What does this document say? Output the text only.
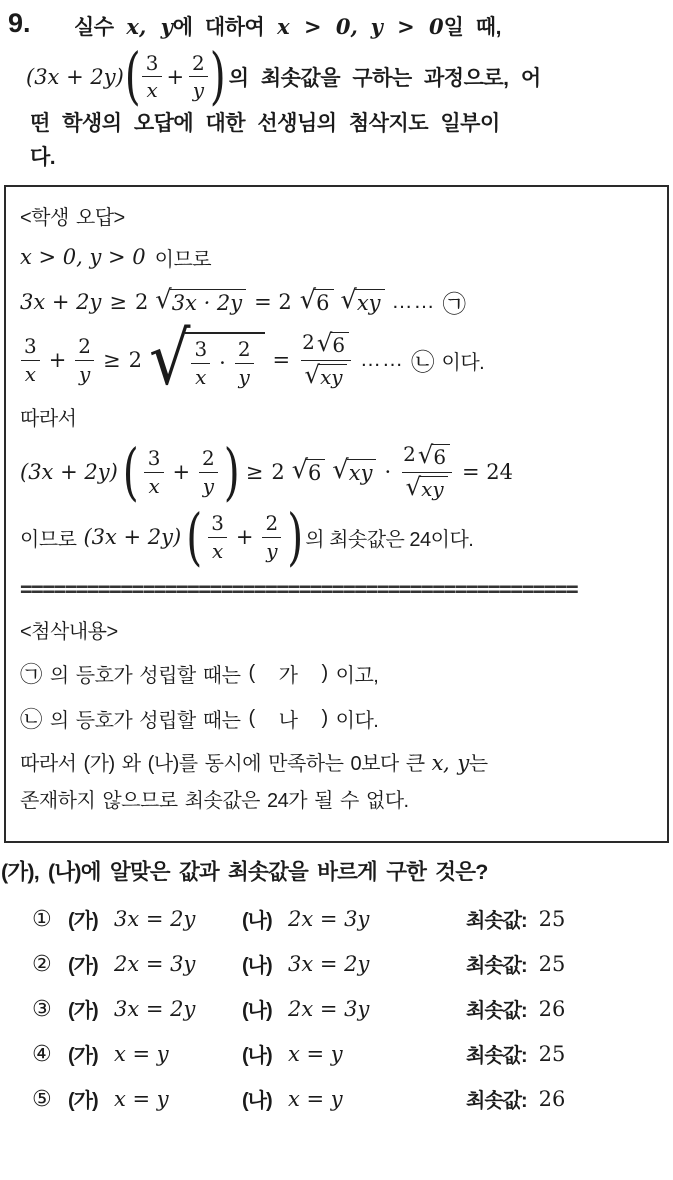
9.	실수 x, y에 대하여 x > 0, y > 0일 때,
(3x + 2y) ( $\frac{3}{x} + \frac{2}{y}$ ) 의 최솟값을 구하는 과정으로, 어
떤 학생의 오답에 대한 선생님의 첨삭지도 일부이
다.
<학생 오답>
x > 0, y > 0 이므로
3x + 2y ≥ 2 √ 3x · 2y = 2 √ 6 √ xy …… ㉠
$\frac{3}{x} + \frac{2}{y} \ge 2$ √ $\frac{3}{x} \cdot \frac{2}{y} = \frac{2 √ 6}{√ xy}$ …… ㉡ 이다.
따라서
(3x + 2y) ( $\frac{3}{x} + \frac{2}{y}$ ) ≥ 2 √ 6 √ xy · $\frac{2 √ 6}{√ xy} = 24$
이므로 (3x + 2y) ( $\frac{3}{x} + \frac{2}{y}$ ) 의 최솟값은 24이다.
==================================================
<첨삭내용>
㉠ 의 등호가 성립할 때는 (	가	) 이고,
㉡ 의 등호가 성립할 때는 (	나	) 이다.
따라서 (가) 와 (나)를 동시에 만족하는 0보다 큰 x, y는
존재하지 않으므로 최솟값은 24가 될 수 없다.
(가), (나)에 알맞은 값과 최솟값을 바르게 구한 것은?
① (가) 3x = 2y	(나) 2x = 3y	최솟값: 25
② (가) 2x = 3y	(나) 3x = 2y	최솟값: 25
③ (가) 3x = 2y	(나) 2x = 3y	최솟값: 26
④ (가) x = y	(나) x = y	최솟값: 25
⑤ (가) x = y	(나) x = y	최솟값: 26
